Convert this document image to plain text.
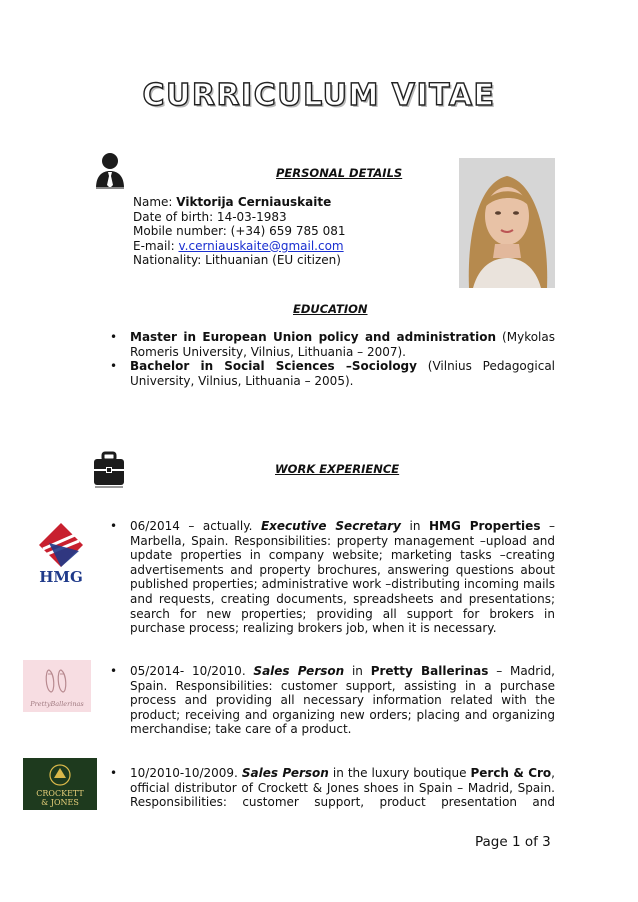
CURRICULUM VITAE
PERSONAL DETAILS
Name: Viktorija Cerniauskaite
Date of birth: 14-03-1983
Mobile number: (+34) 659 785 081
E-mail: v.cerniauskaite@gmail.com
Nationality: Lithuanian (EU citizen)
EDUCATION
• Master in European Union policy and administration (Mykolas Romeris University, Vilnius, Lithuania – 2007).
• Bachelor in Social Sciences –Sociology (Vilnius Pedagogical University, Vilnius, Lithuania – 2005).
WORK EXPERIENCE
HMG
• 06/2014 – actually. Executive Secretary in HMG Properties – Marbella, Spain. Responsibilities: property management –upload and update properties in company website; marketing tasks –creating advertisements and property brochures, answering questions about published properties; administrative work –distributing incoming mails and requests, creating documents, spreadsheets and presentations; search for new properties; providing all support for brokers in purchase process; realizing brokers job, when it is necessary.
PrettyBallerinas
• 05/2014- 10/2010. Sales Person in Pretty Ballerinas – Madrid, Spain. Responsibilities: customer support, assisting in a purchase process and providing all necessary information related with the product; receiving and organizing new orders; placing and organizing merchandise; take care of a product.
CROCKETT
& JONES
• 10/2010-10/2009. Sales Person in the luxury boutique Perch & Cro, official distributor of Crockett & Jones shoes in Spain – Madrid, Spain. Responsibilities: customer support, product presentation and
Page 1 of 3
